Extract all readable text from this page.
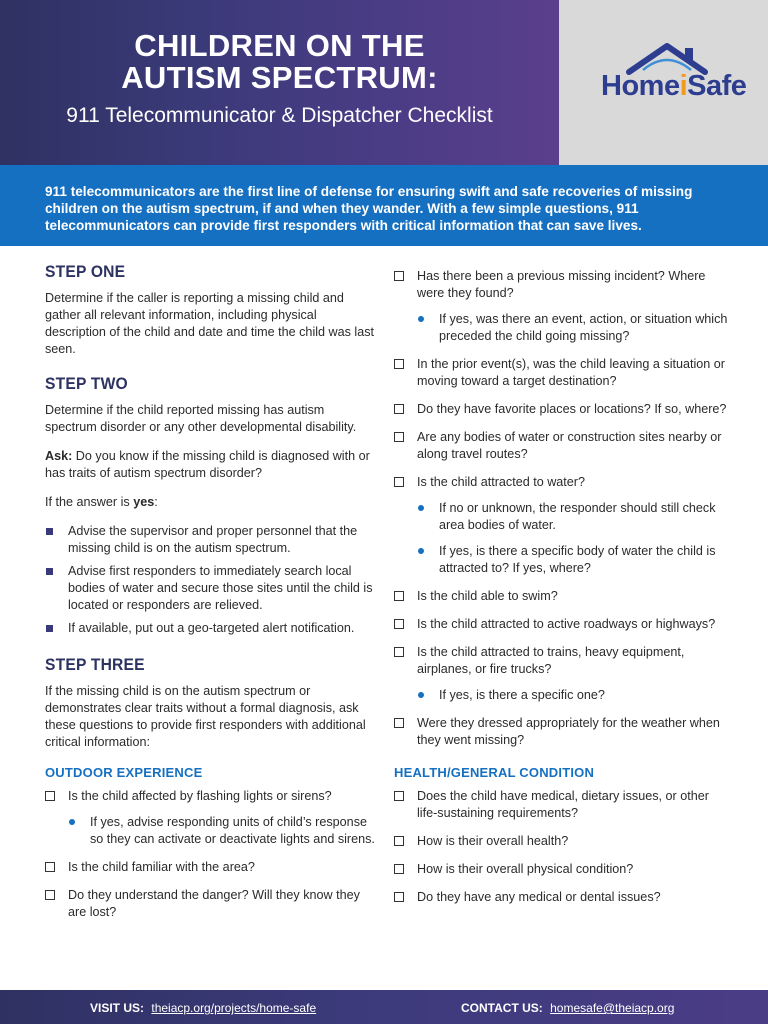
CHILDREN ON THE
AUTISM SPECTRUM:
911 Telecommunicator & Dispatcher Checklist
HomeiSafe

911 telecommunicators are the first line of defense for ensuring swift and safe recoveries of missing children on the autism spectrum, if and when they wander. With a few simple questions, 911 telecommunicators can provide first responders with critical information that can save lives.

STEP ONE

Determine if the caller is reporting a missing child and gather all relevant information, including physical description of the child and date and time the child was last seen.

STEP TWO

Determine if the child reported missing has autism spectrum disorder or any other developmental disability.

Ask: Do you know if the missing child is diagnosed with or has traits of autism spectrum disorder?

If the answer is yes:

Advise the supervisor and proper personnel that the missing child is on the autism spectrum.
Advise first responders to immediately search local bodies of water and secure those sites until the child is located or responders are relieved.
If available, put out a geo-targeted alert notification.
STEP THREE

If the missing child is on the autism spectrum or demonstrates clear traits without a formal diagnosis, ask these questions to provide first responders with additional critical information:

OUTDOOR EXPERIENCE
Is the child affected by flashing lights or sirens?
If yes, advise responding units of child’s response so they can activate or deactivate lights and sirens.
Is the child familiar with the area?
Do they understand the danger? Will they know they are lost?
Has there been a previous missing incident? Where were they found?
If yes, was there an event, action, or situation which preceded the child going missing?
In the prior event(s), was the child leaving a situation or moving toward a target destination?
Do they have favorite places or locations? If so, where?
Are any bodies of water or construction sites nearby or along travel routes?
Is the child attracted to water?
If no or unknown, the responder should still check area bodies of water.
If yes, is there a specific body of water the child is attracted to? If yes, where?
Is the child able to swim?
Is the child attracted to active roadways or highways?
Is the child attracted to trains, heavy equipment, airplanes, or fire trucks?
If yes, is there a specific one?
Were they dressed appropriately for the weather when they went missing?
HEALTH/GENERAL CONDITION
Does the child have medical, dietary issues, or other life-sustaining requirements?
How is their overall health?
How is their overall physical condition?
Do they have any medical or dental issues?
VISIT US: theiacp.org/projects/home-safe	CONTACT US: homesafe@theiacp.org
